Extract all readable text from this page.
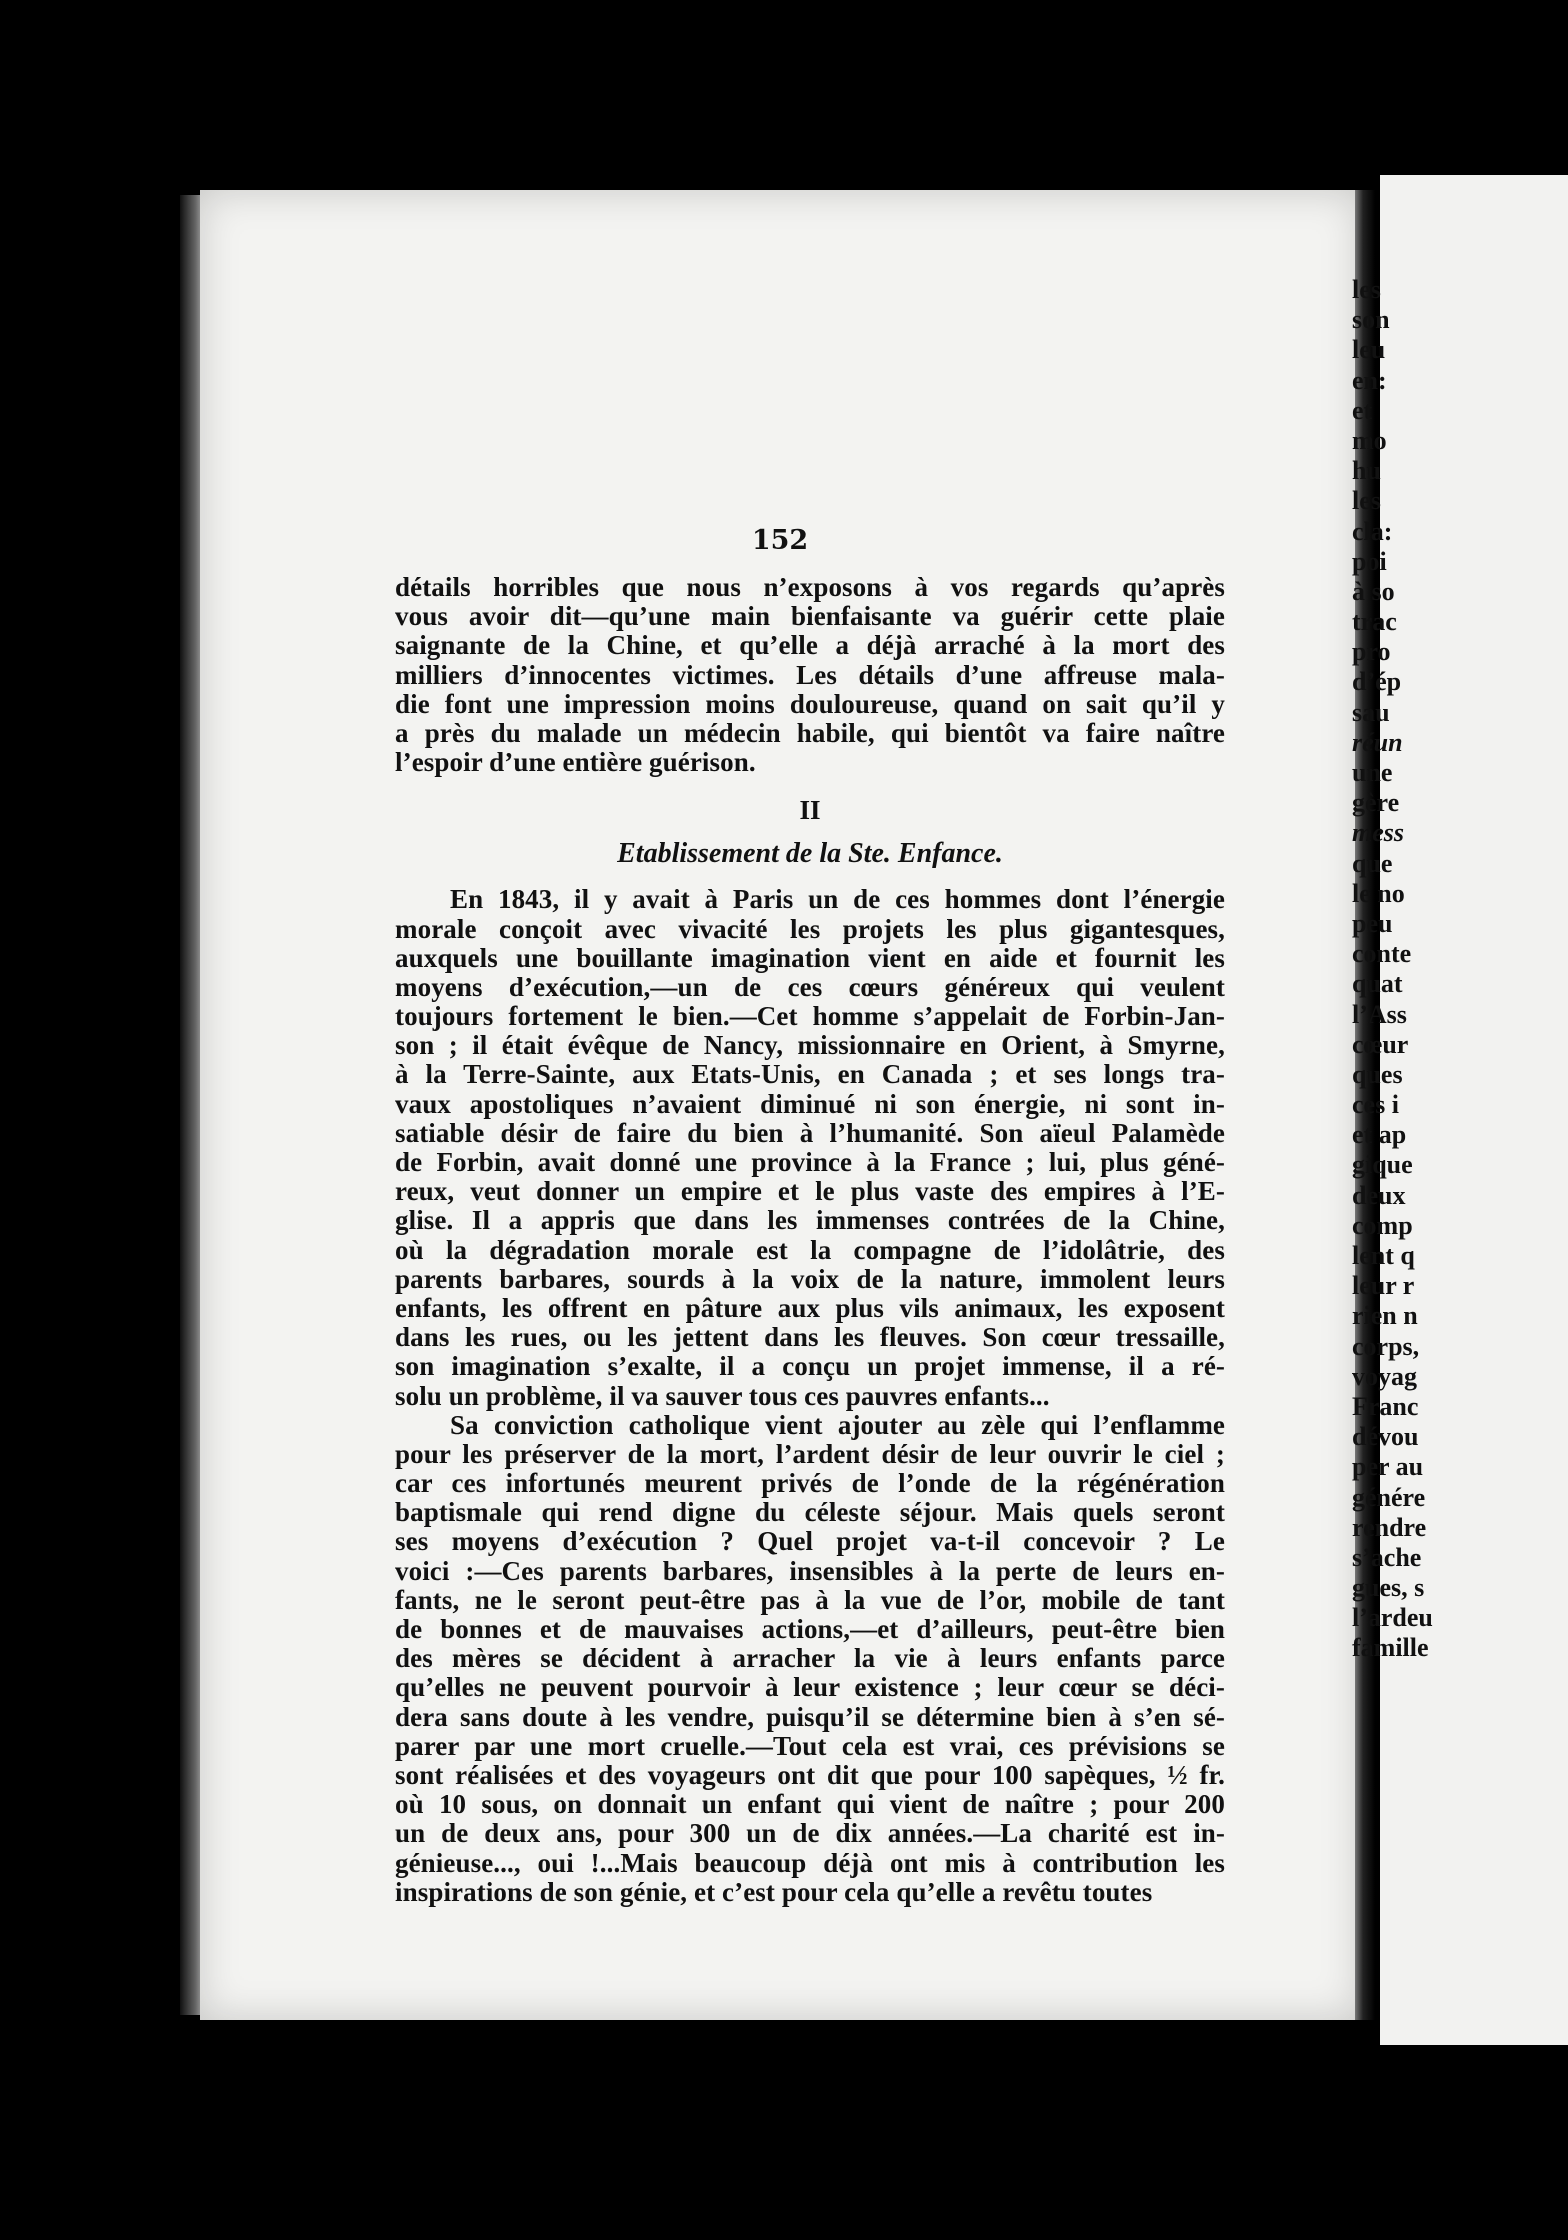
152
détails horribles que nous n’exposons à vos regards qu’après
vous avoir dit—qu’une main bienfaisante va guérir cette plaie
saignante de la Chine, et qu’elle a déjà arraché à la mort des
milliers d’innocentes victimes. Les détails d’une affreuse mala-
die font une impression moins douloureuse, quand on sait qu’il y
a près du malade un médecin habile, qui bientôt va faire naître
l’espoir d’une entière guérison.
II
Etablissement de la Ste. Enfance.
En 1843, il y avait à Paris un de ces hommes dont l’énergie
morale conçoit avec vivacité les projets les plus gigantesques,
auxquels une bouillante imagination vient en aide et fournit les
moyens d’exécution,—un de ces cœurs généreux qui veulent
toujours fortement le bien.—Cet homme s’appelait de Forbin-Jan-
son ; il était évêque de Nancy, missionnaire en Orient, à Smyrne,
à la Terre-Sainte, aux Etats-Unis, en Canada ; et ses longs tra-
vaux apostoliques n’avaient diminué ni son énergie, ni sont in-
satiable désir de faire du bien à l’humanité. Son aïeul Palamède
de Forbin, avait donné une province à la France ; lui, plus géné-
reux, veut donner un empire et le plus vaste des empires à l’E-
glise. Il a appris que dans les immenses contrées de la Chine,
où la dégradation morale est la compagne de l’idolâtrie, des
parents barbares, sourds à la voix de la nature, immolent leurs
enfants, les offrent en pâture aux plus vils animaux, les exposent
dans les rues, ou les jettent dans les fleuves. Son cœur tressaille,
son imagination s’exalte, il a conçu un projet immense, il a ré-
solu un problème, il va sauver tous ces pauvres enfants...
Sa conviction catholique vient ajouter au zèle qui l’enflamme
pour les préserver de la mort, l’ardent désir de leur ouvrir le ciel ;
car ces infortunés meurent privés de l’onde de la régénération
baptismale qui rend digne du céleste séjour. Mais quels seront
ses moyens d’exécution ? Quel projet va-t-il concevoir ? Le
voici :—Ces parents barbares, insensibles à la perte de leurs en-
fants, ne le seront peut-être pas à la vue de l’or, mobile de tant
de bonnes et de mauvaises actions,—et d’ailleurs, peut-être bien
des mères se décident à arracher la vie à leurs enfants parce
qu’elles ne peuvent pourvoir à leur existence ; leur cœur se déci-
dera sans doute à les vendre, puisqu’il se détermine bien à s’en sé-
parer par une mort cruelle.—Tout cela est vrai, ces prévisions se
sont réalisées et des voyageurs ont dit que pour 100 sapèques, ½ fr.
où 10 sous, on donnait un enfant qui vient de naître ; pour 200
un de deux ans, pour 300 un de dix années.—La charité est in-
génieuse..., oui !...Mais beaucoup déjà ont mis à contribution les
inspirations de son génie, et c’est pour cela qu’elle a revêtu toutes
les
son
leu
en:
et
mo
hu
les
cla:
poi
à so
trac
pro
d’ép
sau
réun
une
gère
mess
que
le no
peu
conte
quat
l’Ass
cœur
ques
ces i
et ap
gique
deux
comp
lent q
leur r
rien n
corps,
voyag
Franc
dévou
per au
génére
rendre
s’ache
gues, s
l’ardeu
famille
